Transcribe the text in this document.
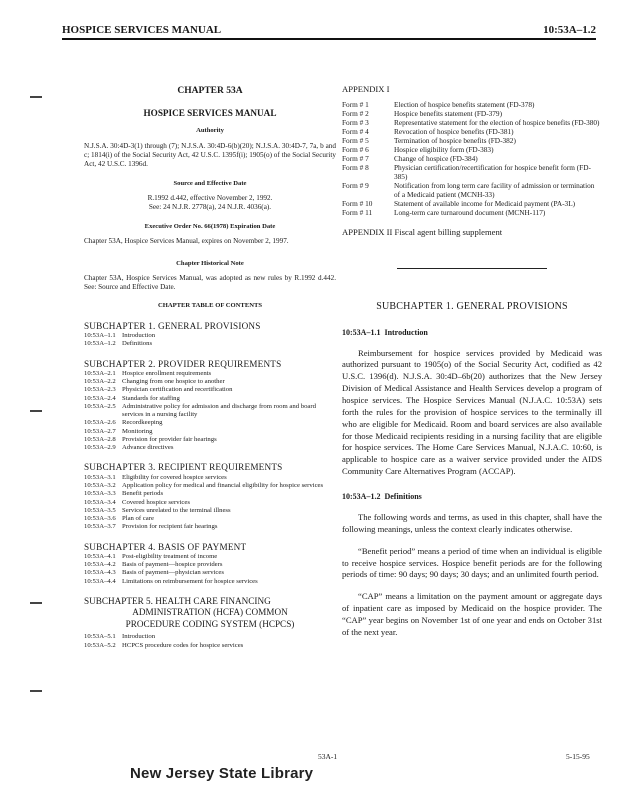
HOSPICE SERVICES MANUAL	10:53A–1.2
CHAPTER 53A
HOSPICE SERVICES MANUAL
Authority

N.J.S.A. 30:4D-3(1) through (7); N.J.S.A. 30:4D-6(b)(20); N.J.S.A. 30:4D-7, 7a, b and c; 1814(i) of the Social Security Act, 42 U.S.C. 1395f(i); 1905(o) of the Social Security Act, 42 U.S.C. 1396d.

Source and Effective Date
R.1992 d.442, effective November 2, 1992.
See: 24 N.J.R. 2778(a), 24 N.J.R. 4036(a).
Executive Order No. 66(1978) Expiration Date

Chapter 53A, Hospice Services Manual, expires on November 2, 1997.

Chapter Historical Note

Chapter 53A, Hospice Services Manual, was adopted as new rules by R.1992 d.442. See: Source and Effective Date.

CHAPTER TABLE OF CONTENTS
SUBCHAPTER 1. GENERAL PROVISIONS
10:53A–1.1 Introduction
10:53A–1.2 Definitions
SUBCHAPTER 2. PROVIDER REQUIREMENTS
10:53A–2.1 Hospice enrollment requirements
10:53A–2.2 Changing from one hospice to another
10:53A–2.3 Physician certification and recertification
10:53A–2.4 Standards for staffing
10:53A–2.5 Administrative policy for admission and discharge from room and board services in a nursing facility
10:53A–2.6 Recordkeeping
10:53A–2.7 Monitoring
10:53A–2.8 Provision for provider fair hearings
10:53A–2.9 Advance directives
SUBCHAPTER 3. RECIPIENT REQUIREMENTS
10:53A–3.1 Eligibility for covered hospice services
10:53A–3.2 Application policy for medical and financial eligibility for hospice services
10:53A–3.3 Benefit periods
10:53A–3.4 Covered hospice services
10:53A–3.5 Services unrelated to the terminal illness
10:53A–3.6 Plan of care
10:53A–3.7 Provision for recipient fair hearings
SUBCHAPTER 4. BASIS OF PAYMENT
10:53A–4.1 Post-eligibility treatment of income
10:53A–4.2 Basis of payment—hospice providers
10:53A–4.3 Basis of payment—physician services
10:53A–4.4 Limitations on reimbursement for hospice services
SUBCHAPTER 5. HEALTH CARE FINANCING
ADMINISTRATION (HCFA) COMMON
PROCEDURE CODING SYSTEM (HCPCS)
10:53A–5.1 Introduction
10:53A–5.2 HCPCS procedure codes for hospice services
APPENDIX I
Form # 1	Election of hospice benefits statement (FD-378)
Form # 2	Hospice benefits statement (FD-379)
Form # 3	Representative statement for the election of hospice benefits (FD-380)
Form # 4	Revocation of hospice benefits (FD-381)
Form # 5	Termination of hospice benefits (FD-382)
Form # 6	Hospice eligibility form (FD-383)
Form # 7	Change of hospice (FD-384)
Form # 8	Physician certification/recertification for hospice benefit form (FD-385)
Form # 9	Notification from long term care facility of admission or termination of a Medicaid patient (MCNH-33)
Form # 10	Statement of available income for Medicaid payment (PA-3L)
Form # 11	Long-term care turnaround document (MCNH-117)
APPENDIX II Fiscal agent billing supplement
SUBCHAPTER 1. GENERAL PROVISIONS
10:53A–1.1 Introduction

Reimbursement for hospice services provided by Medicaid was authorized pursuant to 1905(o) of the Social Security Act, codified as 42 U.S.C. 1396(d). N.J.S.A. 30:4D–6b(20) authorizes that the New Jersey Division of Medical Assistance and Health Services develop a program of hospice services. The Hospice Services Manual (N.J.A.C. 10:53A) sets forth the rules for the provision of hospice services to the terminally ill who are eligible for Medicaid. Room and board services are also available for those Medicaid recipients residing in a nursing facility that are eligible for hospice services. The Home Care Services Manual, N.J.A.C. 10:60, is applicable to hospice care as a waiver service provided under the AIDS Community Care Alternatives Program (ACCAP).

10:53A–1.2 Definitions

The following words and terms, as used in this chapter, shall have the following meanings, unless the context clearly indicates otherwise.

“Benefit period” means a period of time when an individual is eligible to receive hospice services. Hospice benefit periods are for the following periods of time: 90 days; 90 days; 30 days; and an unlimited fourth period.

“CAP” means a limitation on the payment amount or aggregate days of inpatient care as imposed by Medicaid on the hospice provider. The “CAP” year begins on November 1st of one year and ends on October 31st of the next year.

53A-1	5-15-95
New Jersey State Library
